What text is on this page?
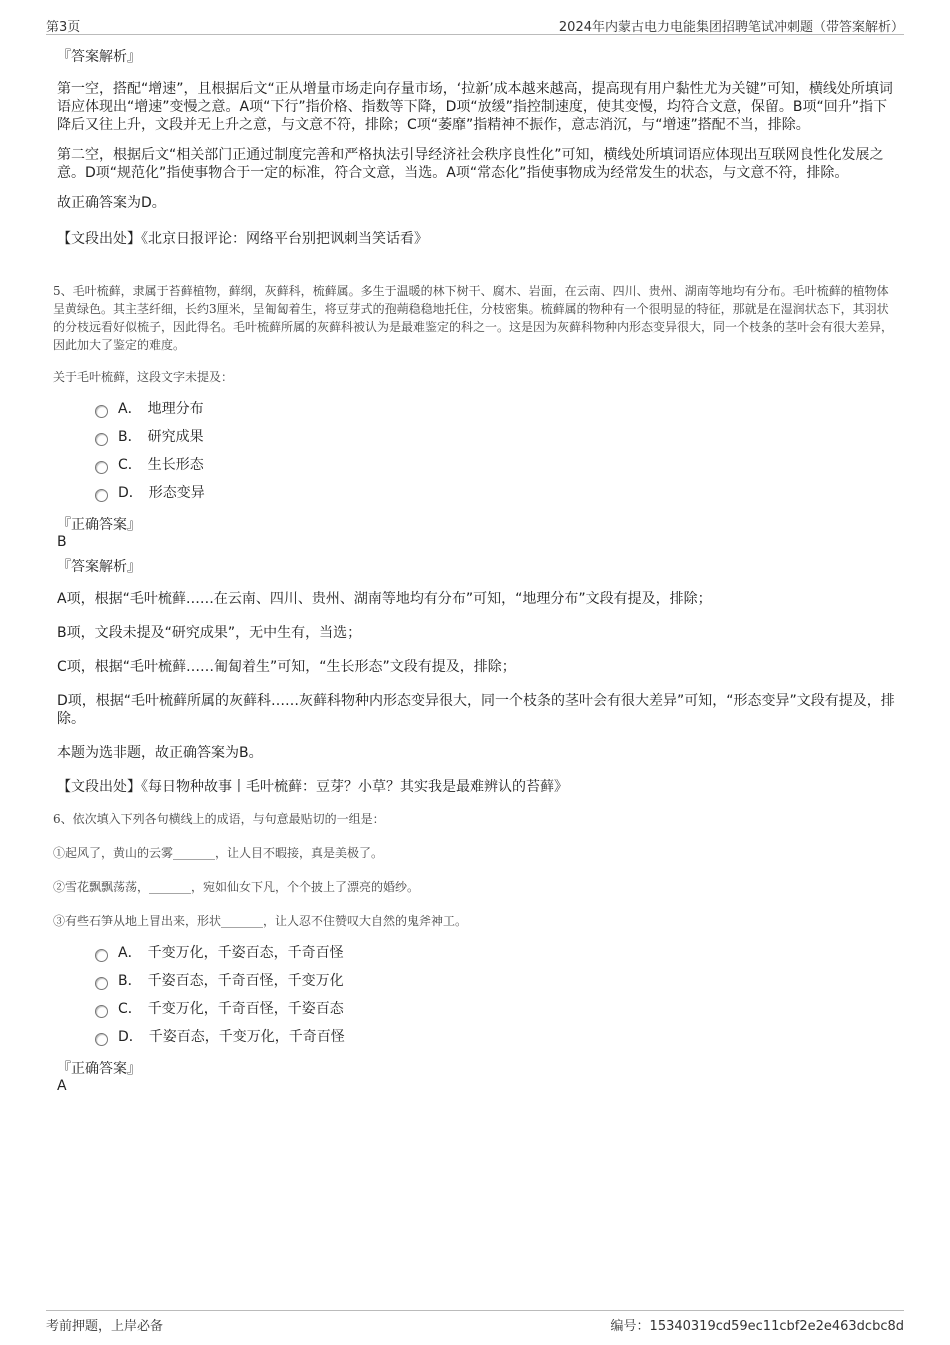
第3页	2024年内蒙古电力电能集团招聘笔试冲刺题（带答案解析）
『答案解析』

第一空，搭配“增速”，且根据后文“正从增量市场走向存量市场，‘拉新’成本越来越高，提高现有用户黏性尤为关键”可知，横线处所填词语应体现出“增速”变慢之意。A项“下行”指价格、指数等下降，D项“放缓”指控制速度，使其变慢，均符合文意，保留。B项“回升”指下降后又往上升，文段并无上升之意，与文意不符，排除；C项“萎靡”指精神不振作，意志消沉，与“增速”搭配不当，排除。

第二空，根据后文“相关部门正通过制度完善和严格执法引导经济社会秩序良性化”可知，横线处所填词语应体现出互联网良性化发展之意。D项“规范化”指使事物合于一定的标准，符合文意，当选。A项“常态化”指使事物成为经常发生的状态，与文意不符，排除。

故正确答案为D。

【文段出处】《北京日报评论：网络平台别把讽刺当笑话看》

5、毛叶梳藓，隶属于苔藓植物，藓纲，灰藓科，梳藓属。多生于温暖的林下树干、腐木、岩面，在云南、四川、贵州、湖南等地均有分布。毛叶梳藓的植物体呈黄绿色。其主茎纤细，长约3厘米，呈匍匐着生，将豆芽式的孢蒴稳稳地托住，分枝密集。梳藓属的物种有一个很明显的特征，那就是在湿润状态下，其羽状的分枝远看好似梳子，因此得名。毛叶梳藓所属的灰藓科被认为是最难鉴定的科之一。这是因为灰藓科物种内形态变异很大，同一个枝条的茎叶会有很大差异，因此加大了鉴定的难度。

关于毛叶梳藓，这段文字未提及：

A． 地理分布
B． 研究成果
C． 生长形态
D． 形态变异
『正确答案』
B
『答案解析』

A项，根据“毛叶梳藓……在云南、四川、贵州、湖南等地均有分布”可知，“地理分布”文段有提及，排除；

B项，文段未提及“研究成果”，无中生有，当选；

C项，根据“毛叶梳藓……匍匐着生”可知，“生长形态”文段有提及，排除；

D项，根据“毛叶梳藓所属的灰藓科……灰藓科物种内形态变异很大，同一个枝条的茎叶会有很大差异”可知，“形态变异”文段有提及，排除。

本题为选非题，故正确答案为B。

【文段出处】《每日物种故事丨毛叶梳藓：豆芽？小草？其实我是最难辨认的苔藓》

6、依次填入下列各句横线上的成语，与句意最贴切的一组是：

①起风了，黄山的云雾_______，让人目不暇接，真是美极了。

②雪花飘飘荡荡，_______，宛如仙女下凡，个个披上了漂亮的婚纱。

③有些石笋从地上冒出来，形状_______，让人忍不住赞叹大自然的鬼斧神工。

A． 千变万化，千姿百态，千奇百怪
B． 千姿百态，千奇百怪，千变万化
C． 千变万化，千奇百怪，千姿百态
D． 千姿百态，千变万化，千奇百怪
『正确答案』
A
考前押题，上岸必备	编号：15340319cd59ec11cbf2e2e463dcbc8d
